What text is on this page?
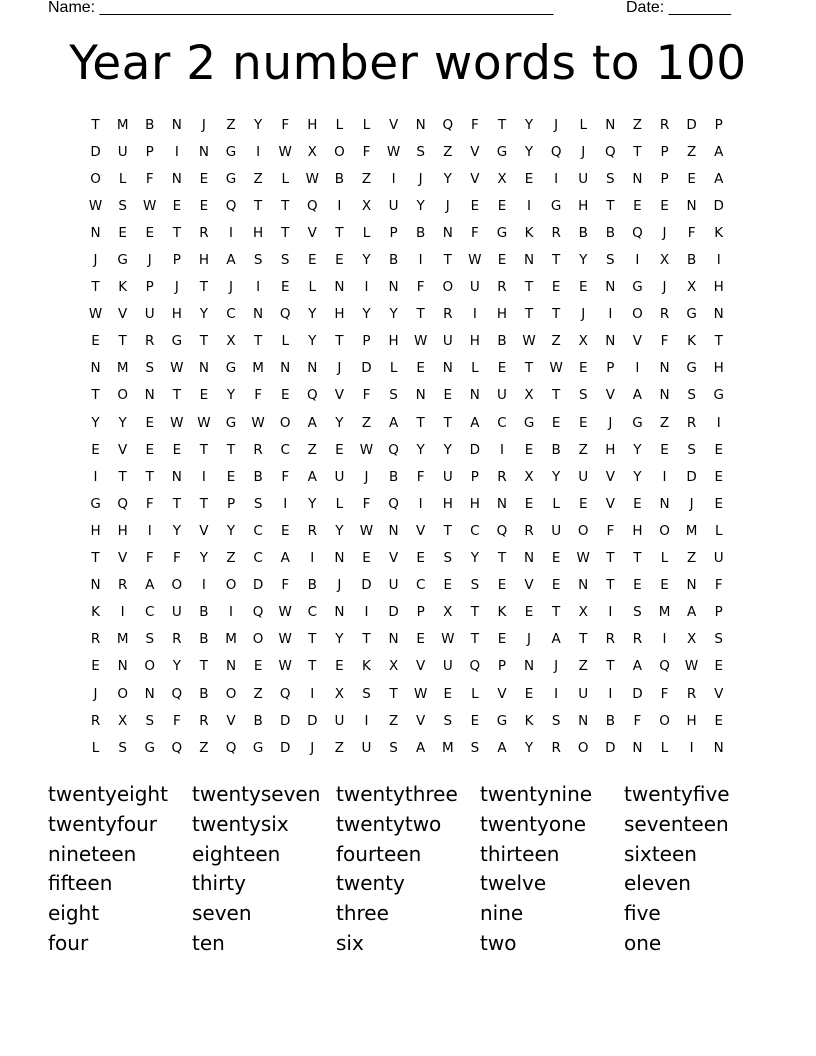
Name: ___________________________________________________	Date: _______
Year 2 number words to 100
T	M	B	N	J	Z	Y	F	H	L	L	V	N	Q	F	T	Y	J	L	N	Z	R	D	P
D	U	P	I	N	G	I	W	X	O	F	W	S	Z	V	G	Y	Q	J	Q	T	P	Z	A
O	L	F	N	E	G	Z	L	W	B	Z	I	J	Y	V	X	E	I	U	S	N	P	E	A
W	S	W	E	E	Q	T	T	Q	I	X	U	Y	J	E	E	I	G	H	T	E	E	N	D
N	E	E	T	R	I	H	T	V	T	L	P	B	N	F	G	K	R	B	B	Q	J	F	K
J	G	J	P	H	A	S	S	E	E	Y	B	I	T	W	E	N	T	Y	S	I	X	B	I
T	K	P	J	T	J	I	E	L	N	I	N	F	O	U	R	T	E	E	N	G	J	X	H
W	V	U	H	Y	C	N	Q	Y	H	Y	Y	T	R	I	H	T	T	J	I	O	R	G	N
E	T	R	G	T	X	T	L	Y	T	P	H	W	U	H	B	W	Z	X	N	V	F	K	T
N	M	S	W	N	G	M	N	N	J	D	L	E	N	L	E	T	W	E	P	I	N	G	H
T	O	N	T	E	Y	F	E	Q	V	F	S	N	E	N	U	X	T	S	V	A	N	S	G
Y	Y	E	W	W	G	W	O	A	Y	Z	A	T	T	A	C	G	E	E	J	G	Z	R	I
E	V	E	E	T	T	R	C	Z	E	W	Q	Y	Y	D	I	E	B	Z	H	Y	E	S	E
I	T	T	N	I	E	B	F	A	U	J	B	F	U	P	R	X	Y	U	V	Y	I	D	E
G	Q	F	T	T	P	S	I	Y	L	F	Q	I	H	H	N	E	L	E	V	E	N	J	E
H	H	I	Y	V	Y	C	E	R	Y	W	N	V	T	C	Q	R	U	O	F	H	O	M	L
T	V	F	F	Y	Z	C	A	I	N	E	V	E	S	Y	T	N	E	W	T	T	L	Z	U
N	R	A	O	I	O	D	F	B	J	D	U	C	E	S	E	V	E	N	T	E	E	N	F
K	I	C	U	B	I	Q	W	C	N	I	D	P	X	T	K	E	T	X	I	S	M	A	P
R	M	S	R	B	M	O	W	T	Y	T	N	E	W	T	E	J	A	T	R	R	I	X	S
E	N	O	Y	T	N	E	W	T	E	K	X	V	U	Q	P	N	J	Z	T	A	Q	W	E
J	O	N	Q	B	O	Z	Q	I	X	S	T	W	E	L	V	E	I	U	I	D	F	R	V
R	X	S	F	R	V	B	D	D	U	I	Z	V	S	E	G	K	S	N	B	F	O	H	E
L	S	G	Q	Z	Q	G	D	J	Z	U	S	A	M	S	A	Y	R	O	D	N	L	I	N
twentyeight	twentyseven twentythree	twentynine	twentyfive
twentyfour	twentysix	twentytwo	twentyone	seventeen
nineteen	eighteen	fourteen	thirteen	sixteen
fifteen	thirty	twenty	twelve	eleven
eight	seven	three	nine	five
four	ten	six	two	one
